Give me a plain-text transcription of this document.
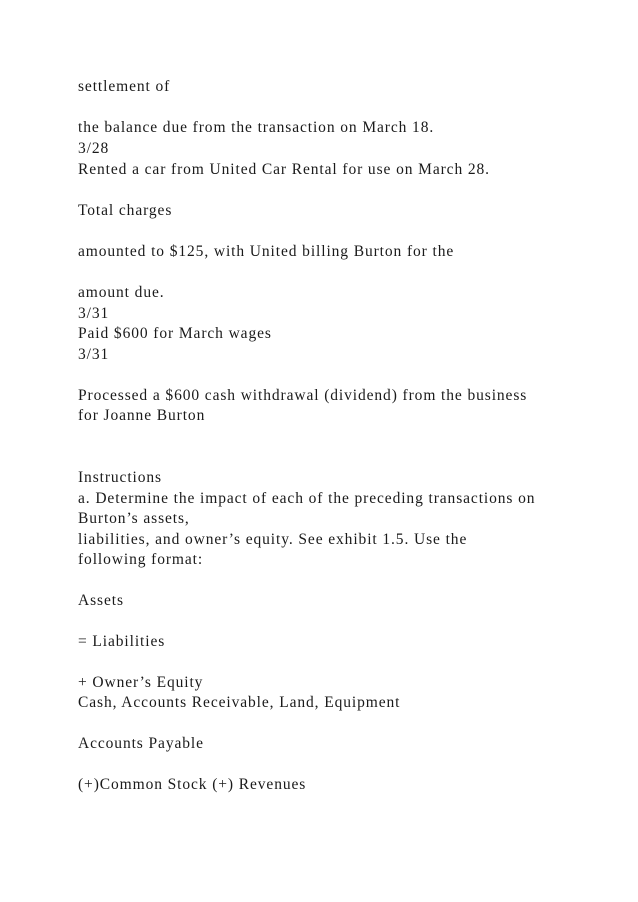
settlement of

the balance due from the transaction on March 18.

3/28

Rented a car from United Car Rental for use on March 28.

Total charges

amounted to $125, with United billing Burton for the

amount due.

3/31

Paid $600 for March wages

3/31

Processed a $600 cash withdrawal (dividend) from the business

for Joanne Burton

Instructions

a. Determine the impact of each of the preceding transactions on

Burton’s assets,

liabilities, and owner’s equity. See exhibit 1.5. Use the

following format:

Assets

= Liabilities

+ Owner’s Equity

Cash, Accounts Receivable, Land, Equipment

Accounts Payable

(+)Common Stock (+) Revenues
